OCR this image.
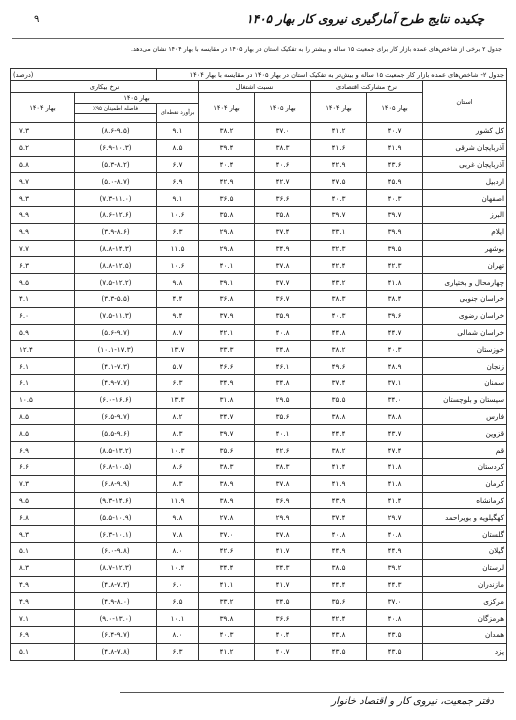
چکیده نتایج طرح آمارگیری نیروی کار بهار ۱۴۰۵
۹
جدول ۲ برخی از شاخص‌های عمده بازار کار برای جمعیت ۱۵ ساله و بیشتر را به تفکیک استان در بهار ۱۴۰۵ در مقایسه با بهار ۱۴۰۴ نشان می‌دهد.
جدول ۲- شاخص‌های عمده بازار کار جمعیت ۱۵ ساله و بیش‌تر به تفکیک استان در بهار ۱۴۰۵ در مقایسه با بهار ۱۴۰۴						(درصد)	
استان	نرخ مشارکت اقتصادی		نسبت اشتغال		نرخ بیکاری		
	بهار ۱۴۰۵	بهار ۱۴۰۴	بهار ۱۴۰۵	بهار ۱۴۰۴	بهار ۱۴۰۵		بهار ۱۴۰۴
					برآورد نقطه‌ای	فاصله اطمینان ۹۵٪	

کل کشور	۴۰.۷	۴۱.۲	۳۷.۰	۳۸.۲	۹.۱	(۸.۶-۹.۵)	۷.۳
آذربایجان شرقی	۴۱.۹	۴۱.۶	۳۸.۳	۳۹.۴	۸.۵	(۶.۹-۱۰.۳)	۵.۲
آذربایجان غربی	۴۳.۶	۴۲.۹	۴۰.۶	۴۰.۴	۶.۷	(۵.۳-۸.۲)	۵.۸
اردبیل	۴۵.۹	۴۷.۵	۴۲.۷	۴۲.۹	۶.۹	(۵.۰-۸.۷)	۹.۷
اصفهان	۴۰.۳	۴۰.۳	۳۶.۶	۳۶.۵	۹.۱	(۷.۳-۱۱.۰)	۹.۳
البرز	۳۹.۷	۳۹.۷	۳۵.۸	۳۵.۸	۱۰.۶	(۸.۶-۱۲.۶)	۹.۹
ایلام	۳۹.۹	۳۳.۱	۳۷.۴	۲۹.۸	۶.۳	(۳.۹-۸.۶)	۹.۹
بوشهر	۳۹.۵	۳۲.۳	۳۴.۹	۲۹.۸	۱۱.۵	(۸.۸-۱۴.۳)	۷.۷
تهران	۴۲.۳	۴۲.۴	۳۷.۸	۴۰.۱	۱۰.۶	(۸.۸-۱۲.۵)	۶.۳
چهارمحال و بختیاری	۴۱.۸	۴۳.۲	۳۷.۷	۳۹.۱	۹.۸	(۷.۵-۱۲.۲)	۹.۵
خراسان جنوبی	۳۸.۴	۳۸.۳	۳۶.۷	۳۶.۸	۴.۴	(۳.۳-۵.۵)	۴.۱
خراسان رضوی	۳۹.۶	۴۰.۳	۳۵.۹	۳۷.۹	۹.۴	(۷.۵-۱۱.۳)	۶.۰
خراسان شمالی	۴۴.۷	۴۴.۸	۴۰.۸	۴۲.۱	۸.۷	(۵.۶-۹.۷)	۵.۹
خوزستان	۴۰.۳	۳۸.۲	۳۴.۸	۳۳.۳	۱۳.۷	(۱۰.۱-۱۷.۳)	۱۲.۴
زنجان	۴۸.۹	۴۹.۶	۴۶.۱	۴۶.۶	۵.۷	(۴.۱-۷.۳)	۶.۱
سمنان	۳۷.۱	۳۷.۴	۳۴.۸	۳۴.۹	۶.۳	(۴.۹-۷.۷)	۶.۱
سیستان و بلوچستان	۳۴.۰	۳۵.۵	۲۹.۵	۳۱.۸	۱۳.۳	(۶.۰-۱۶.۶)	۱۰.۵
فارس	۳۸.۸	۳۸.۸	۳۵.۶	۳۴.۷	۸.۲	(۶.۵-۹.۷)	۸.۵
قزوین	۴۳.۷	۴۴.۴	۴۰.۱	۳۹.۷	۸.۳	(۵.۵-۹.۶)	۸.۵
قم	۴۷.۴	۳۸.۲	۴۲.۶	۳۵.۶	۱۰.۳	(۸.۵-۱۳.۲)	۶.۹
کردستان	۴۱.۸	۴۱.۴	۳۸.۳	۳۸.۳	۸.۶	(۶.۸-۱۰.۵)	۶.۶
کرمان	۴۱.۸	۴۱.۹	۳۷.۸	۳۸.۹	۸.۳	(۶.۸-۹.۹)	۷.۳
کرمانشاه	۴۱.۴	۴۳.۹	۳۶.۹	۳۸.۹	۱۱.۹	(۹.۳-۱۴.۶)	۹.۵
کهگیلویه و بویراحمد	۲۹.۷	۳۷.۴	۲۹.۹	۲۷.۸	۹.۸	(۵.۵-۱۰.۹)	۶.۸
گلستان	۴۰.۸	۴۰.۸	۳۷.۸	۳۷.۰	۷.۸	(۶.۳-۱۰.۱)	۹.۳
گیلان	۴۴.۹	۴۴.۹	۴۱.۷	۴۲.۶	۸.۰	(۶.۰-۹.۸)	۵.۱
لرستان	۳۹.۲	۳۸.۵	۳۴.۳	۳۴.۴	۱۰.۴	(۸.۷-۱۲.۳)	۸.۳
مازندران	۴۴.۳	۴۴.۴	۴۱.۷	۴۱.۱	۶.۰	(۴.۸-۷.۳)	۴.۹
مرکزی	۳۷.۰	۳۵.۶	۳۴.۵	۳۳.۲	۶.۵	(۴.۹-۸.۰)	۴.۹
هرمزگان	۴۰.۸	۴۲.۴	۳۶.۶	۳۹.۸	۱۰.۱	(۹.۰-۱۳.۰)	۷.۱
همدان	۴۳.۵	۴۳.۸	۴۰.۴	۴۰.۳	۸.۰	(۶.۴-۹.۷)	۶.۹
یزد	۴۳.۵	۴۳.۵	۴۰.۷	۴۱.۲	۶.۳	(۴.۸-۷.۸)	۵.۱
دفتر جمعیت، نیروی کار و اقتصاد خانوار
